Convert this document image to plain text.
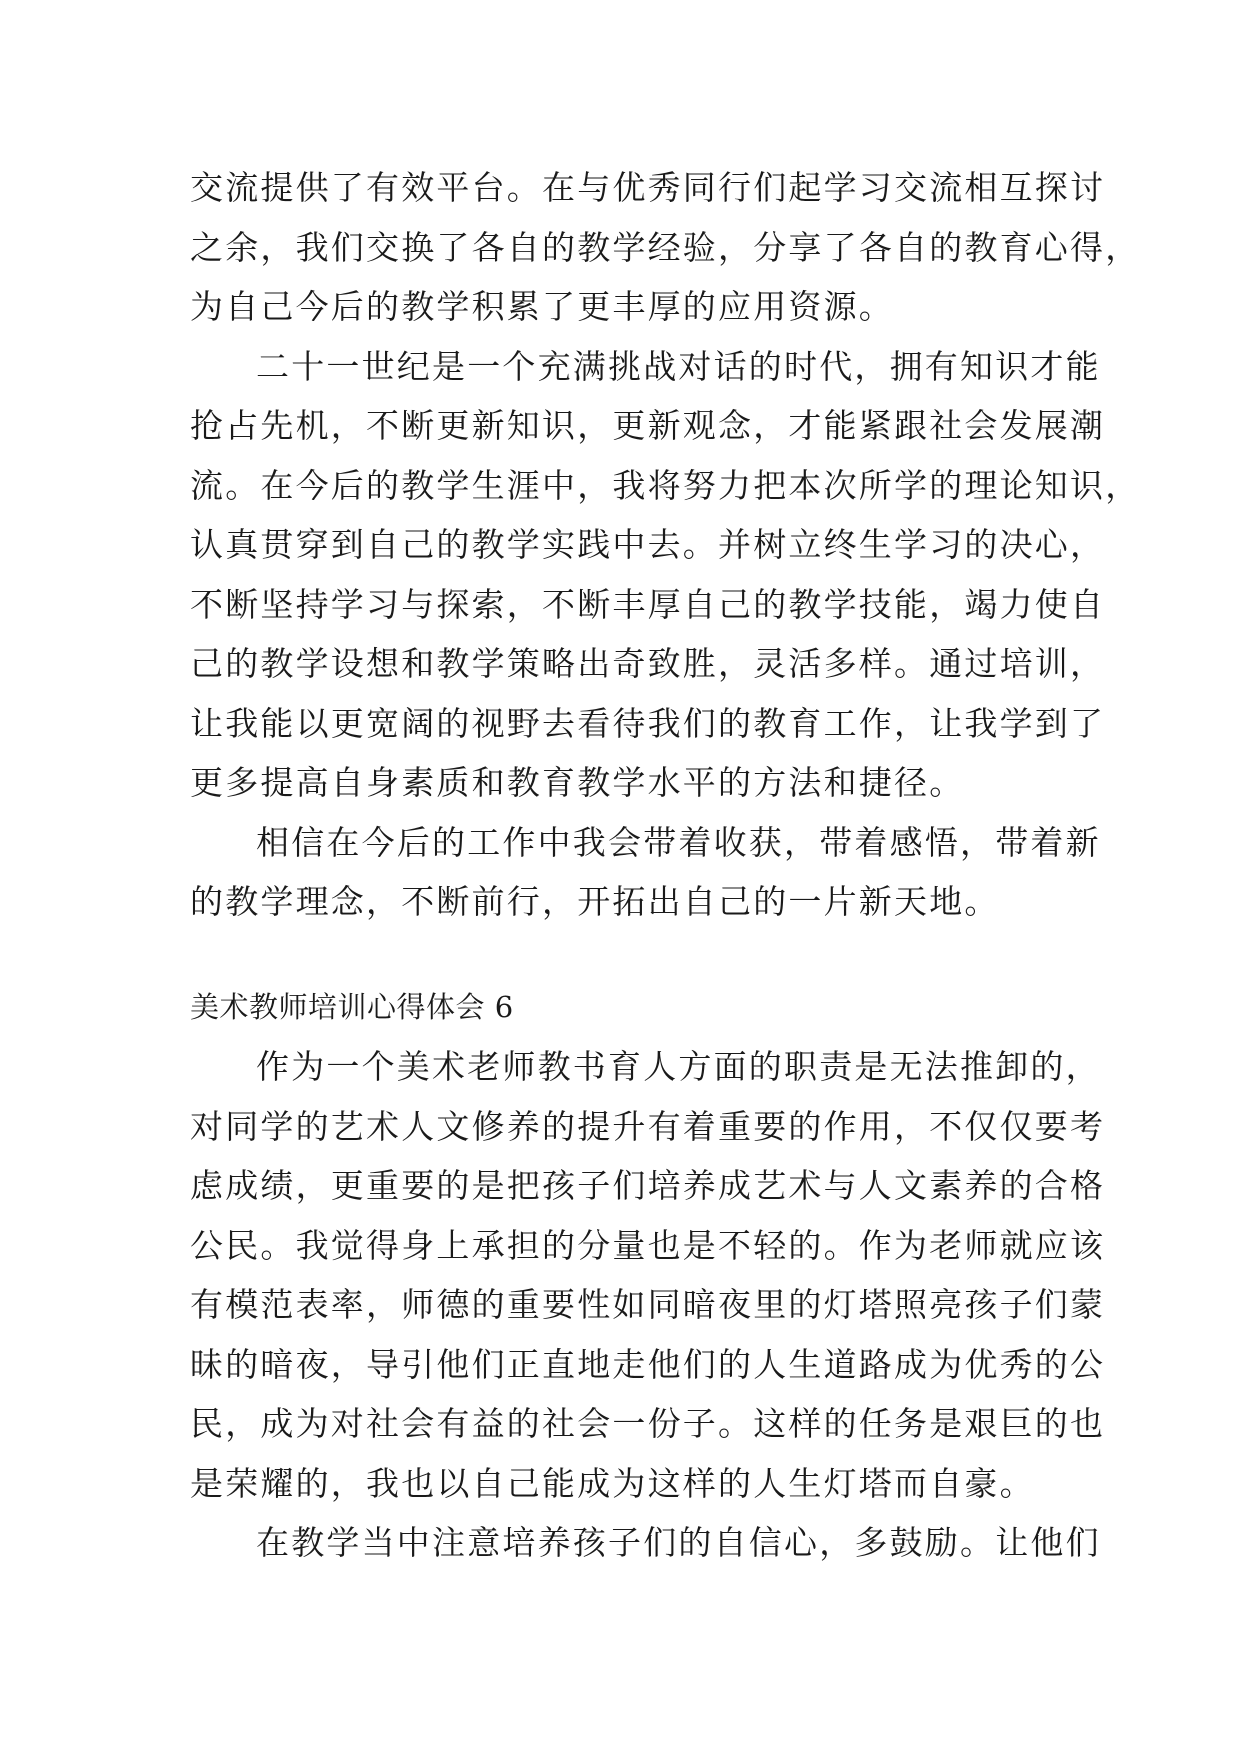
交流提供了有效平台。在与优秀同行们起学习交流相互探讨
之余，我们交换了各自的教学经验，分享了各自的教育心得，
为自己今后的教学积累了更丰厚的应用资源。
二十一世纪是一个充满挑战对话的时代，拥有知识才能
抢占先机，不断更新知识，更新观念，才能紧跟社会发展潮
流。在今后的教学生涯中，我将努力把本次所学的理论知识，
认真贯穿到自己的教学实践中去。并树立终生学习的决心，
不断坚持学习与探索，不断丰厚自己的教学技能，竭力使自
己的教学设想和教学策略出奇致胜，灵活多样。通过培训，
让我能以更宽阔的视野去看待我们的教育工作，让我学到了
更多提高自身素质和教育教学水平的方法和捷径。
相信在今后的工作中我会带着收获，带着感悟，带着新
的教学理念，不断前行，开拓出自己的一片新天地。
美术教师培训心得体会 6
作为一个美术老师教书育人方面的职责是无法推卸的，
对同学的艺术人文修养的提升有着重要的作用，不仅仅要考
虑成绩，更重要的是把孩子们培养成艺术与人文素养的合格
公民。我觉得身上承担的分量也是不轻的。作为老师就应该
有模范表率，师德的重要性如同暗夜里的灯塔照亮孩子们蒙
昧的暗夜，导引他们正直地走他们的人生道路成为优秀的公
民，成为对社会有益的社会一份子。这样的任务是艰巨的也
是荣耀的，我也以自己能成为这样的人生灯塔而自豪。
在教学当中注意培养孩子们的自信心，多鼓励。让他们
